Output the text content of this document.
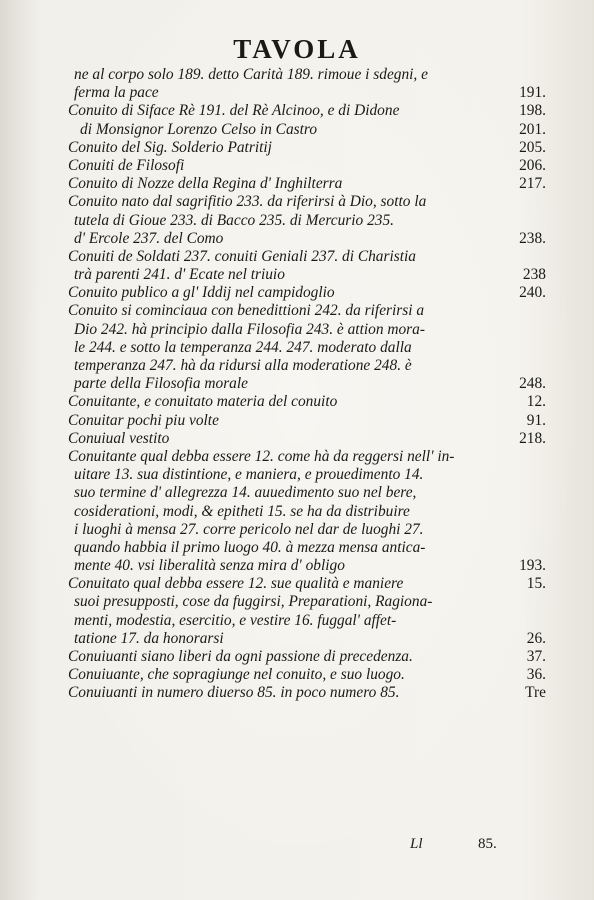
TAVOLA
ne al corpo solo 189. detto Carità 189. rimoue i sdegni, e
ferma la pace	191.
Conuito di Siface Rè 191. del Rè Alcinoo, e di Didone	198.
di Monsignor Lorenzo Celso in Castro	201.
Conuito del Sig. Solderio Patritij	205.
Conuiti de Filosofi	206.
Conuito di Nozze della Regina d' Inghilterra	217.
Conuito nato dal sagrifitio 233. da riferirsi à Dio, sotto la
tutela di Gioue 233. di Bacco 235. di Mercurio 235.
d' Ercole 237. del Como	238.
Conuiti de Soldati 237. conuiti Geniali 237. di Charistia
trà parenti 241. d' Ecate nel triuio	238
Conuito publico a gl' Iddij nel campidoglio	240.
Conuito si cominciaua con benedittioni 242. da riferirsi a
Dio 242. hà principio dalla Filosofia 243. è attion mora-
le 244. e sotto la temperanza 244. 247. moderato dalla
temperanza 247. hà da ridursi alla moderatione 248. è
parte della Filosofia morale	248.
Conuitante, e conuitato materia del conuito	12.
Conuitar pochi piu volte	91.
Conuiual vestito	218.
Conuitante qual debba essere 12. come hà da reggersi nell' in-
uitare 13. sua distintione, e maniera, e prouedimento 14.
suo termine d' allegrezza 14. auuedimento suo nel bere,
cosiderationi, modi, & epitheti 15. se ha da distribuire
i luoghi à mensa 27. corre pericolo nel dar de luoghi 27.
quando habbia il primo luogo 40. à mezza mensa antica-
mente 40. vsi liberalità senza mira d' obligo	193.
Conuitato qual debba essere 12. sue qualità e maniere	15.
suoi presupposti, cose da fuggirsi, Preparationi, Ragiona-
menti, modestia, esercitio, e vestire 16. fuggal' affet-
tatione 17. da honorarsi	26.
Conuiuanti siano liberi da ogni passione di precedenza.	37.
Conuiuante, che sopragiunge nel conuito, e suo luogo.	36.
Conuiuanti in numero diuerso 85. in poco numero 85.	Tre
Ll	85.
